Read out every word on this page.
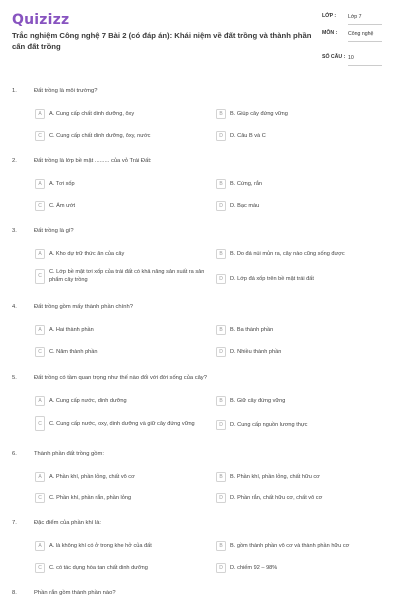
Quizizz
Trắc nghiệm Công nghệ 7 Bài 2 (có đáp án): Khái niệm về đất trồng và thành phần cấn đất trồng
LỚP :	Lớp 7
MÔN :	Công nghệ
SỐ CÂU : 10
1.	Đất trồng là môi trường?
A	A. Cung cấp chất dinh dưỡng, ôxy	B	B. Giúp cây đứng vững
C	C. Cung cấp chất dinh dưỡng, ôxy, nước	D	D. Câu B và C
2.	Đất trồng là lớp bề mặt ......... của vỏ Trái Đất:
A	A. Tơi xốp	B	B. Cứng, rắn
C	C. Ẩm ướt	D	D. Bạc màu
3.	Đất trồng là gì?
A	A. Kho dự trữ thức ăn của cây	B	B. Do đá núi mủn ra, cây nào cũng sống được
C
C. Lớp bề mặt tơi xốp của trái đất có khả năng sản xuất ra sản phẩm cây trồng	D	D. Lớp đá xốp trên bề mặt trái đất
4.	Đất trồng gồm mấy thành phần chính?
A	A. Hai thành phần	B	B. Ba thành phần
C	C. Năm thành phần	D	D. Nhiều thành phần
5.	Đất trồng có tầm quan trọng như thế nào đối với đời sống của cây?
A	A. Cung cấp nước, dinh dưỡng	B	B. Giữ cây đứng vững
C	C. Cung cấp nước, oxy, dinh dưỡng và giữ cây đứng vững	D	D. Cung cấp nguồn lương thực
6.	Thành phần đất trồng gồm:
A	A. Phần khí, phần lỏng, chất vô cơ	B	B. Phần khí, phần lỏng, chất hữu cơ
C	C. Phần khí, phần rắn, phần lỏng	D	D. Phần rắn, chất hữu cơ, chất vô cơ
7.	Đặc điểm của phần khí là:
A	A. là không khí có ở trong khe hở của đất	B	B. gồm thành phần vô cơ và thành phần hữu cơ
C	C. có tác dụng hòa tan chất dinh dưỡng	D	D. chiếm 92 – 98%
8.	Phần rắn gồm thành phần nào?
